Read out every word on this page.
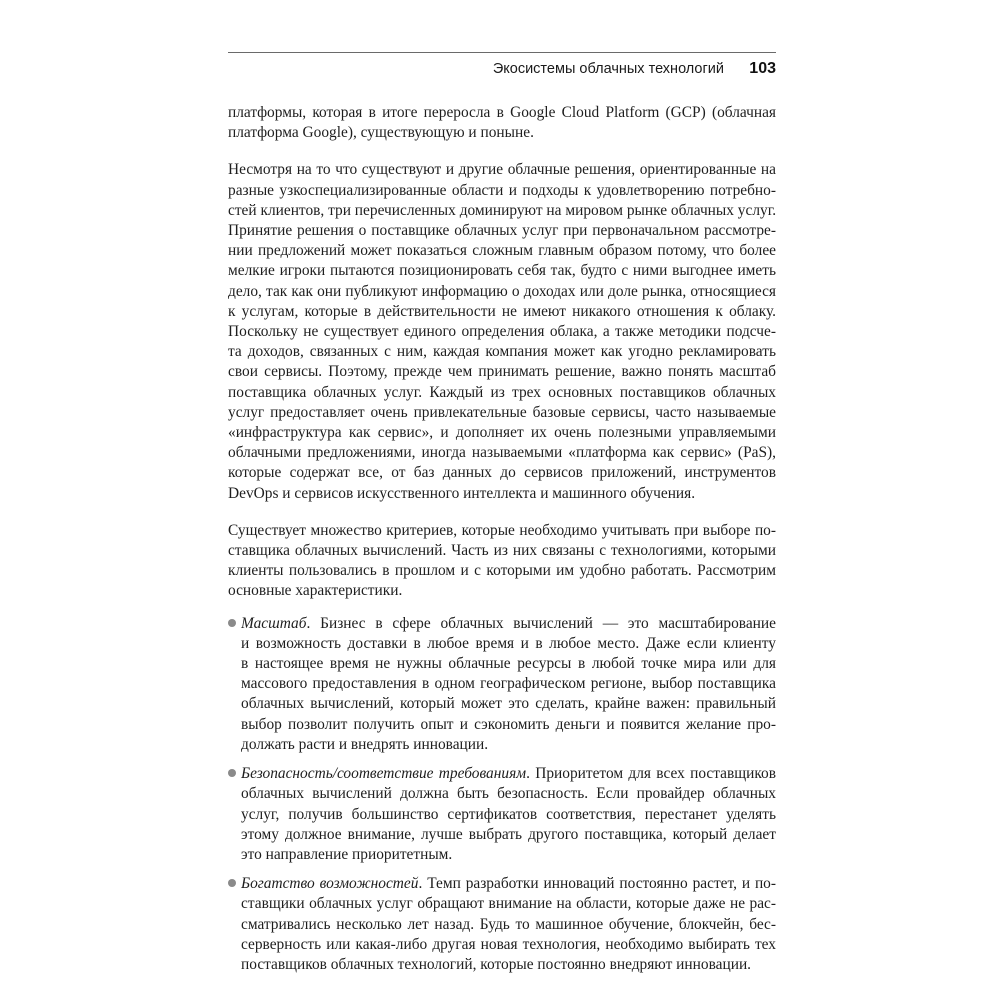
Экосистемы облачных технологий 103

платформы, которая в итоге переросла в Google Cloud Platform (GCP) (облачная
платформа Google), существующую и поныне.

Несмотря на то что существуют и другие облачные решения, ориентированные на
разные узкоспециализированные области и подходы к удовлетворению потребно-
стей клиентов, три перечисленных доминируют на мировом рынке облачных услуг.
Принятие решения о поставщике облачных услуг при первоначальном рассмотре-
нии предложений может показаться сложным главным образом потому, что более
мелкие игроки пытаются позиционировать себя так, будто с ними выгоднее иметь
дело, так как они публикуют информацию о доходах или доле рынка, относящиеся
к услугам, которые в действительности не имеют никакого отношения к облаку.
Поскольку не существует единого определения облака, а также методики подсче-
та доходов, связанных с ним, каждая компания может как угодно рекламировать
свои сервисы. Поэтому, прежде чем принимать решение, важно понять масштаб
поставщика облачных услуг. Каждый из трех основных поставщиков облачных
услуг предоставляет очень привлекательные базовые сервисы, часто называемые
«инфраструктура как сервис», и дополняет их очень полезными управляемыми
облачными предложениями, иногда называемыми «платформа как сервис» (PaS),
которые содержат все, от баз данных до сервисов приложений, инструментов
DevOps и сервисов искусственного интеллекта и машинного обучения.

Существует множество критериев, которые необходимо учитывать при выборе по-
ставщика облачных вычислений. Часть из них связаны с технологиями, которыми
клиенты пользовались в прошлом и с которыми им удобно работать. Рассмотрим
основные характеристики.

Масштаб. Бизнес в сфере облачных вычислений — это масштабирование
и возможность доставки в любое время и в любое место. Даже если клиенту
в настоящее время не нужны облачные ресурсы в любой точке мира или для
массового предоставления в одном географическом регионе, выбор поставщика
облачных вычислений, который может это сделать, крайне важен: правильный
выбор позволит получить опыт и сэкономить деньги и появится желание про-
должать расти и внедрять инновации.
Безопасность/соответствие требованиям. Приоритетом для всех поставщиков
облачных вычислений должна быть безопасность. Если провайдер облачных
услуг, получив большинство сертификатов соответствия, перестанет уделять
этому должное внимание, лучше выбрать другого поставщика, который делает
это направление приоритетным.
Богатство возможностей. Темп разработки инноваций постоянно растет, и по-
ставщики облачных услуг обращают внимание на области, которые даже не рас-
сматривались несколько лет назад. Будь то машинное обучение, блокчейн, бес-
серверность или какая-либо другая новая технология, необходимо выбирать тех
поставщиков облачных технологий, которые постоянно внедряют инновации.
